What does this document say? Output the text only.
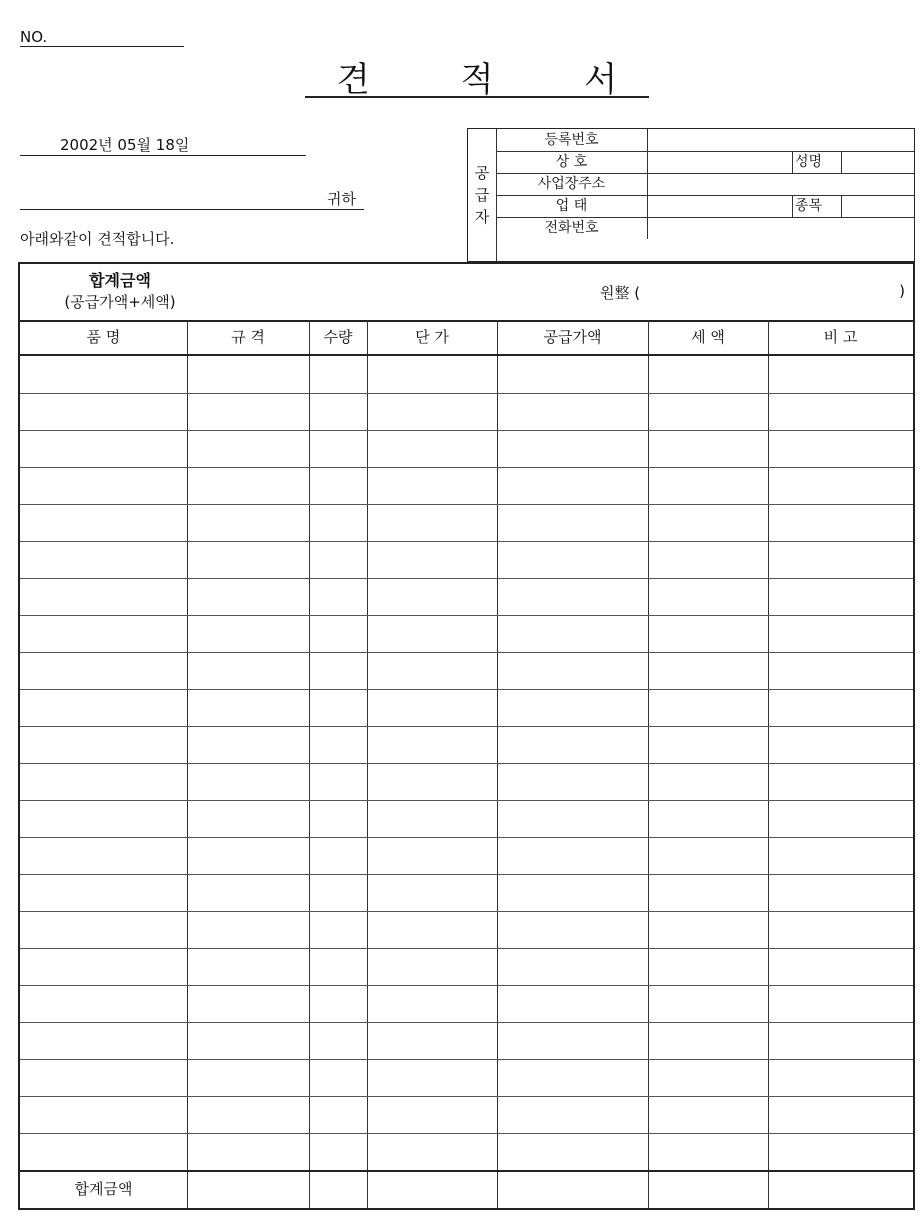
NO.
견 적 서
2002년 05월 18일
귀하
아래와같이 견적합니다.
공
급
자
등록번호
상 호	성명
사업장주소
업 태	종목
전화번호
합계금액
(공급가액+세액)	원整 (	)
품 명	규 격	수량	단 가	공급가액	세 액	비 고
합계금액
